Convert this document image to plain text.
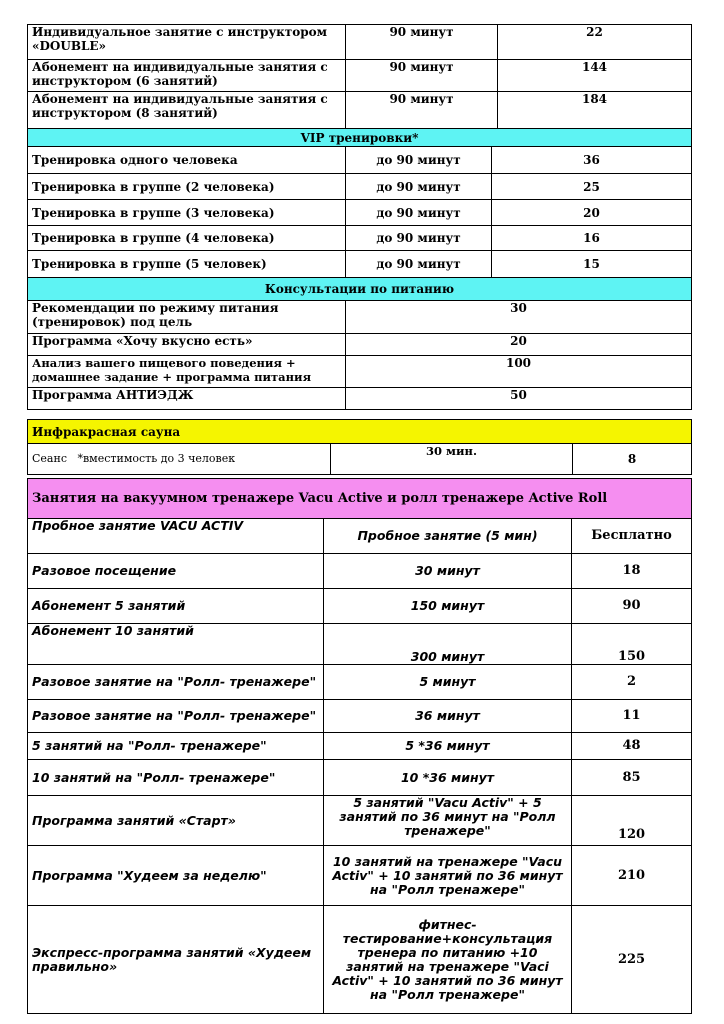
Индивидуальное занятие с инструктором «DOUBLE»	90 минут	22
Абонемент на индивидуальные занятия с инструктором (6 занятий)	90 минут	144
Абонемент на индивидуальные занятия с инструктором (8 занятий)	90 минут	184
VIP тренировки*		
Тренировка одного человека	до 90 минут	36
Тренировка в группе (2 человека)	до 90 минут	25
Тренировка в группе (3 человека)	до 90 минут	20
Тренировка в группе (4 человека)	до 90 минут	16
Тренировка в группе (5 человек)	до 90 минут	15
Консультации по питанию	
Рекомендации по режиму питания (тренировок) под цель	30
Программа «Хочу вкусно есть»	20
Анализ вашего пищевого поведения + домашнее задание + программа питания	100
Программа АНТИЭДЖ	50
Инфракрасная сауна
Сеанс *вместимость до 3 человек	30 мин.	8
Занятия на вакуумном тренажере Vacu Active и ролл тренажере Active Roll		
Пробное занятие VACU ACTIV	Пробное занятие (5 мин)	Бесплатно
Разовое посещение	30 минут	18
Абонемент 5 занятий	150 минут	90
Абонемент 10 занятий	300 минут	150
Разовое занятие на "Ролл- тренажере"	5 минут	2
Разовое занятие на "Ролл- тренажере"	36 минут	11
5 занятий на "Ролл- тренажере"	5 *36 минут	48
10 занятий на "Ролл- тренажере"	10 *36 минут	85
Программа занятий «Старт»	5 занятий "Vacu Activ" + 5 занятий по 36 минут на "Ролл тренажере"	120
Программа "Худеем за неделю"	10 занятий на тренажере "Vacu Activ" + 10 занятий по 36 минут на "Ролл тренажере"	210
Экспресс-программа занятий «Худеем правильно»	фитнес-тестирование+консультация тренера по питанию +10 занятий на тренажере "Vaci Activ" + 10 занятий по 36 минут на "Ролл тренажере"	225
